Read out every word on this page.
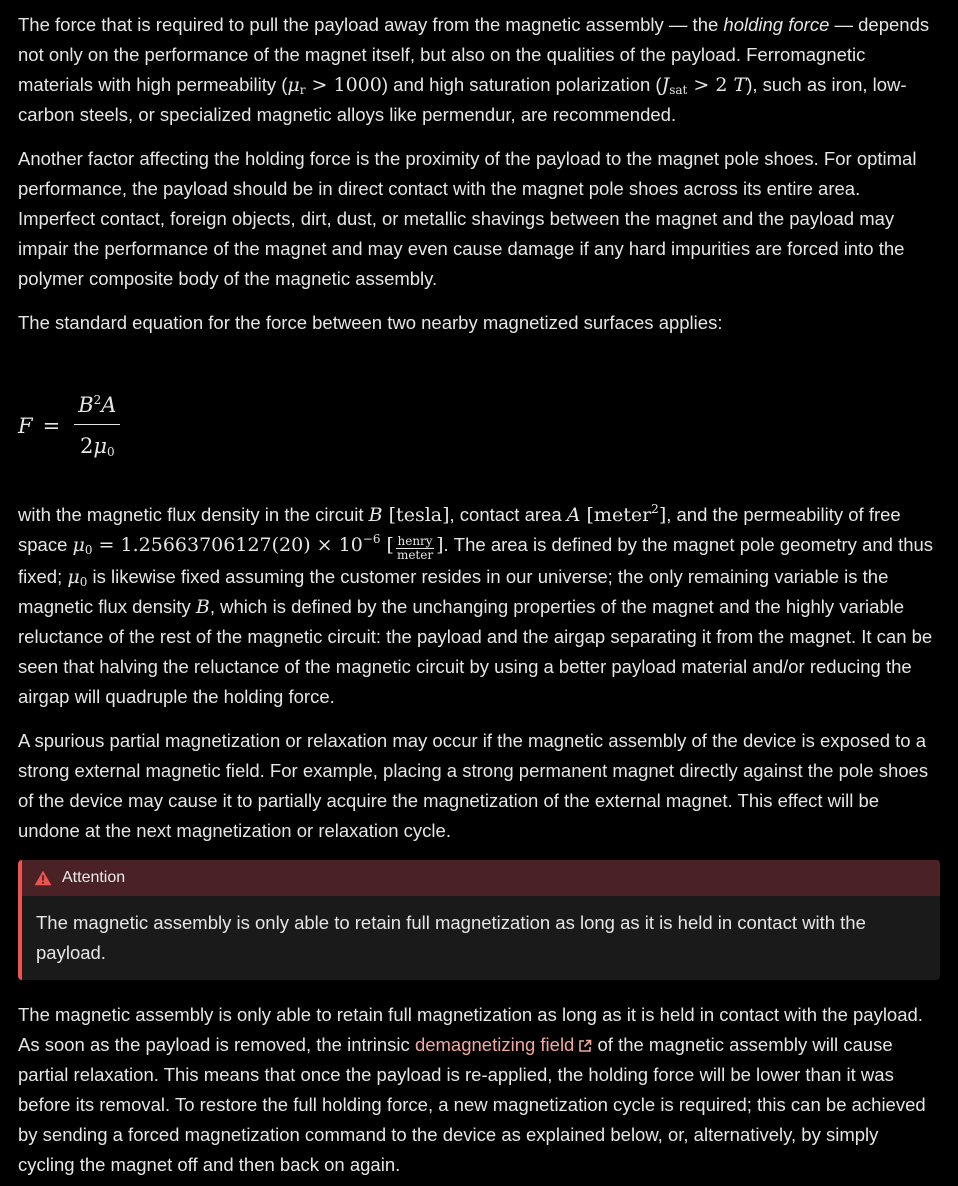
The force that is required to pull the payload away from the magnetic assembly — the holding force — depends not only on the performance of the magnet itself, but also on the qualities of the payload. Ferromagnetic materials with high permeability $(\mu_r > 1000)$ and high saturation polarization ($J_{sat} > 2$ T), such as iron, low-carbon steels, or specialized magnetic alloys like permendur, are recommended.

Another factor affecting the holding force is the proximity of the payload to the magnet pole shoes. For optimal performance, the payload should be in direct contact with the magnet pole shoes across its entire area. Imperfect contact, foreign objects, dirt, dust, or metallic shavings between the magnet and the payload may impair the performance of the magnet and may even cause damage if any hard impurities are forced into the polymer composite body of the magnetic assembly.

The standard equation for the force between two nearby magnetized surfaces applies:

$F = \frac{B^2A}{2\mu_0}$

with the magnetic flux density in the circuit B [tesla], contact area A [meter$^2$], and the permeability of free space $\mu_0 = 1.25663706127(20) \times 10^{-6}$ [ $\frac{\text{henry}}{\text{meter}}$ ]. The area is defined by the magnet pole geometry and thus fixed; $\mu_0$ is likewise fixed assuming the customer resides in our universe; the only remaining variable is the magnetic flux density B, which is defined by the unchanging properties of the magnet and the highly variable reluctance of the rest of the magnetic circuit: the payload and the airgap separating it from the magnet. It can be seen that halving the reluctance of the magnetic circuit by using a better payload material and/or reducing the airgap will quadruple the holding force.

A spurious partial magnetization or relaxation may occur if the magnetic assembly of the device is exposed to a strong external magnetic field. For example, placing a strong permanent magnet directly against the pole shoes of the device may cause it to partially acquire the magnetization of the external magnet. This effect will be undone at the next magnetization or relaxation cycle.

Attention
The magnetic assembly is only able to retain full magnetization as long as it is held in contact with the payload.

The magnetic assembly is only able to retain full magnetization as long as it is held in contact with the payload. As soon as the payload is removed, the intrinsic demagnetizing field of the magnetic assembly will cause partial relaxation. This means that once the payload is re-applied, the holding force will be lower than it was before its removal. To restore the full holding force, a new magnetization cycle is required; this can be achieved by sending a forced magnetization command to the device as explained below, or, alternatively, by simply cycling the magnet off and then back on again.
